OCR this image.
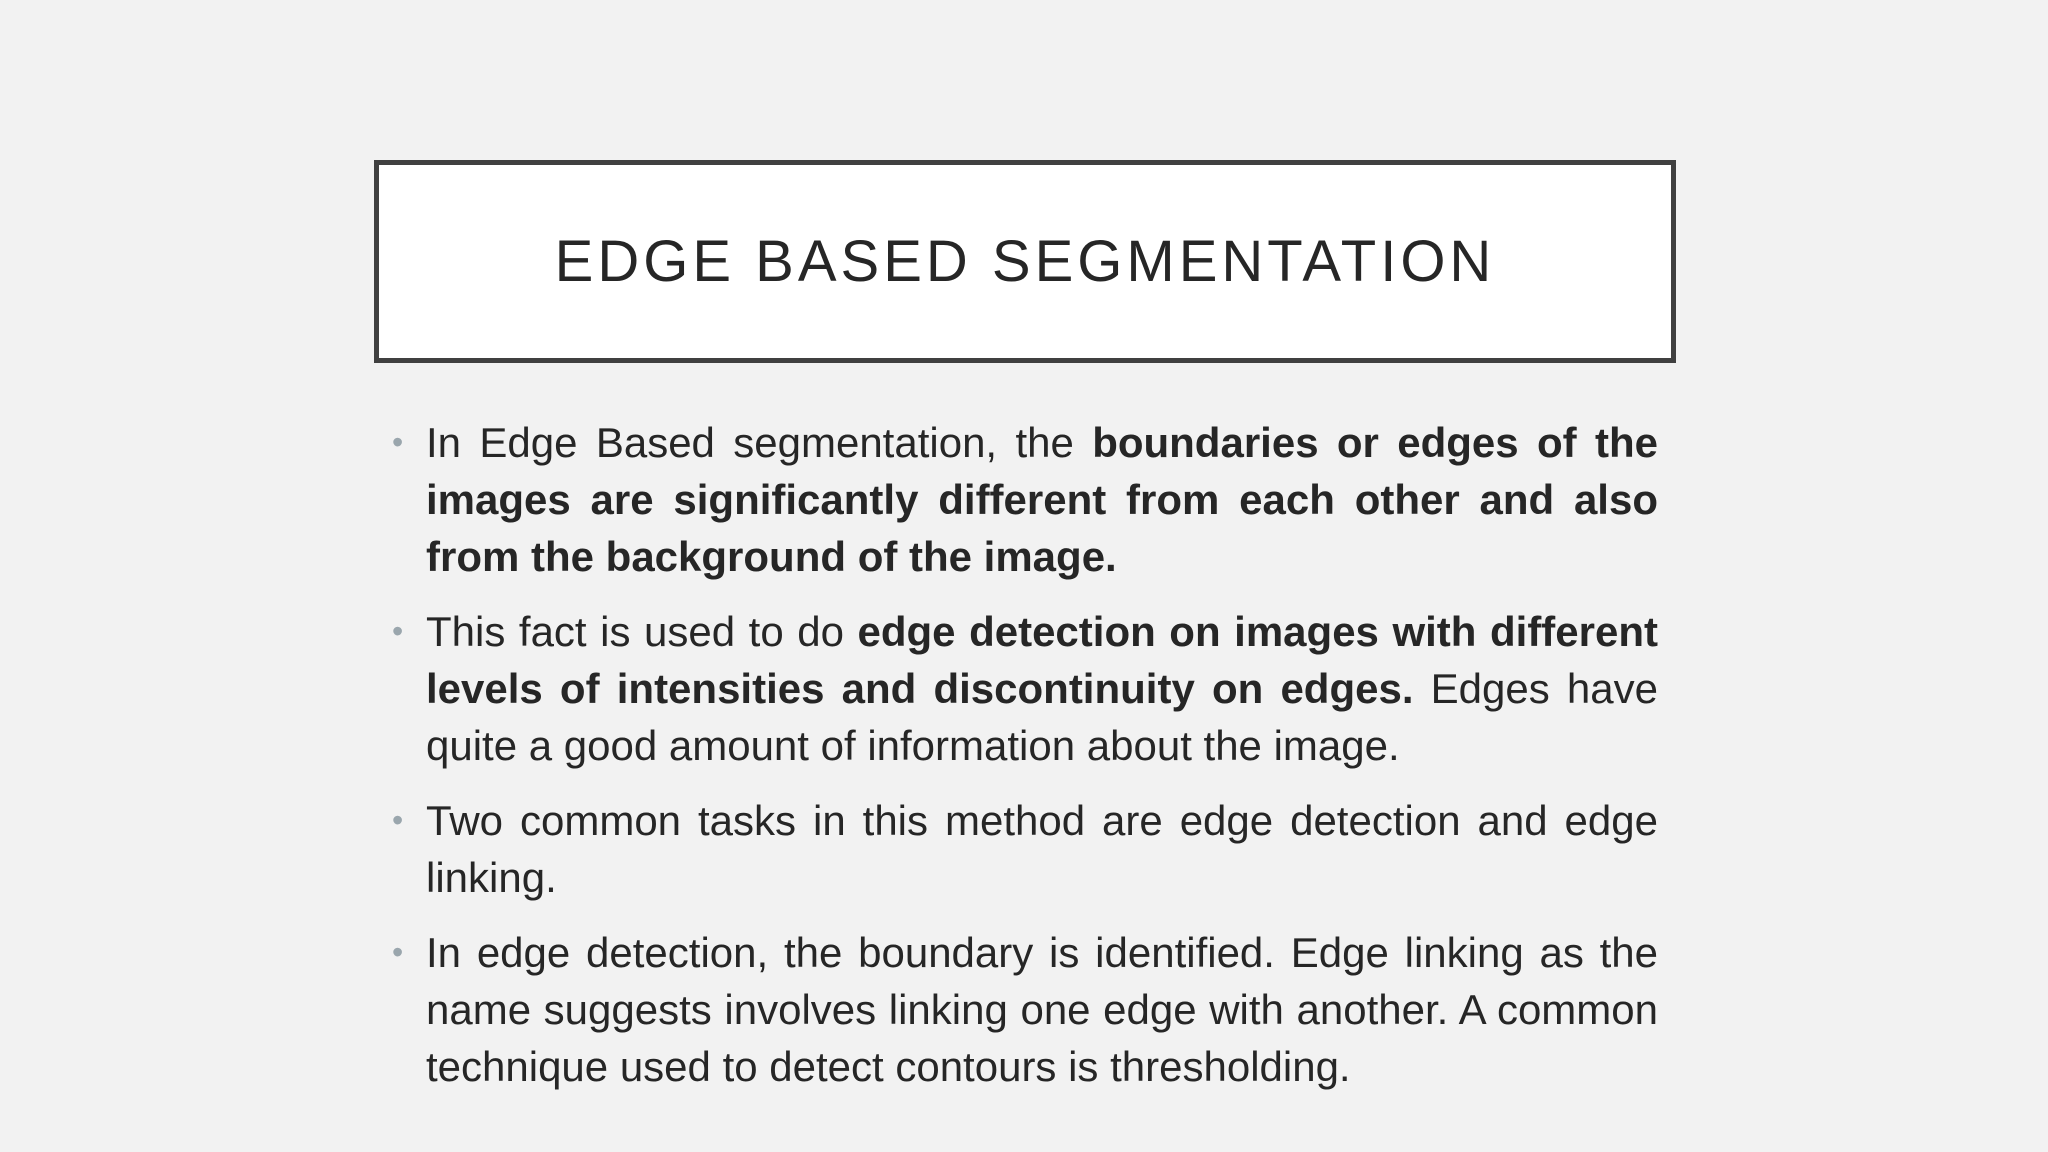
EDGE BASED SEGMENTATION
• In Edge Based segmentation, the boundaries or edges of the images are significantly different from each other and also from the background of the image.
• This fact is used to do edge detection on images with different levels of intensities and discontinuity on edges. Edges have quite a good amount of information about the image.
• Two common tasks in this method are edge detection and edge linking.
• In edge detection, the boundary is identified. Edge linking as the name suggests involves linking one edge with another. A common technique used to detect contours is thresholding.
